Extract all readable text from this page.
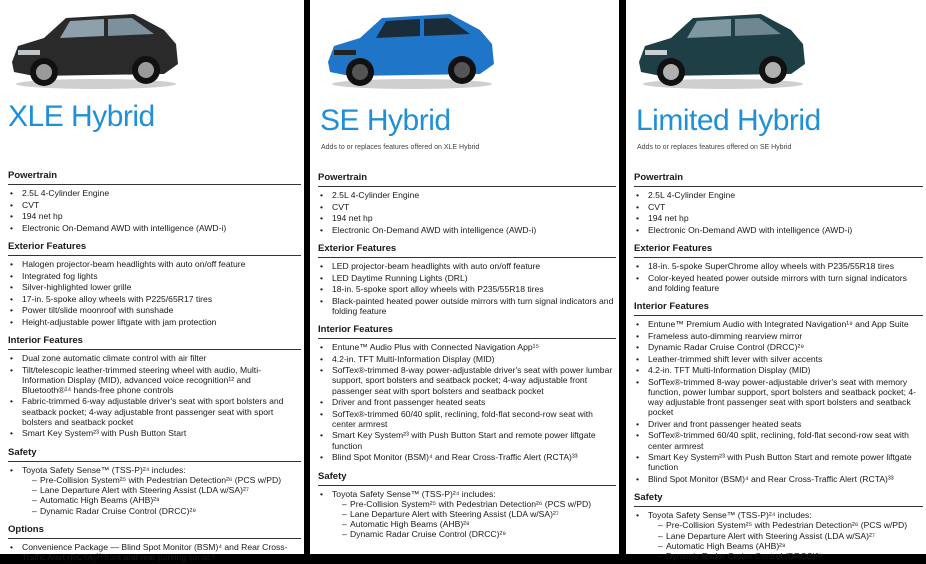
XLE Hybrid
Powertrain
• 2.5L 4-Cylinder Engine
• CVT
• 194 net hp
• Electronic On-Demand AWD with intelligence (AWD-i)
Exterior Features
• Halogen projector-beam headlights with auto on/off feature
• Integrated fog lights
• Silver-highlighted lower grille
• 17-in. 5-spoke alloy wheels with P225/65R17 tires
• Power tilt/slide moonroof with sunshade
• Height-adjustable power liftgate with jam protection
Interior Features
• Dual zone automatic climate control with air filter
• Tilt/telescopic leather-trimmed steering wheel with audio, Multi-Information Display (MID), advanced voice recognition¹² and Bluetooth®¹⁴ hands-free phone controls
• Fabric-trimmed 6-way adjustable driver's seat with sport bolsters and seatback pocket; 4-way adjustable front passenger seat with sport bolsters and seatback pocket
• Smart Key System²³ with Push Button Start
Safety
• Toyota Safety Sense™ (TSS-P)²⁴ includes:
– Pre-Collision System²⁵ with Pedestrian Detection²⁶ (PCS w/PD)
– Lane Departure Alert with Steering Assist (LDA w/SA)²⁷
– Automatic High Beams (AHB)²⁸
– Dynamic Radar Cruise Control (DRCC)²⁹
Options
• Convenience Package — Blind Spot Monitor (BSM)⁴ and Rear Cross-Traffic Alert (RCTA)³³ front and rear parking sonar,²
SE Hybrid
Adds to or replaces features offered on XLE Hybrid
Powertrain
• 2.5L 4-Cylinder Engine
• CVT
• 194 net hp
• Electronic On-Demand AWD with intelligence (AWD-i)
Exterior Features
• LED projector-beam headlights with auto on/off feature
• LED Daytime Running Lights (DRL)
• 18-in. 5-spoke sport alloy wheels with P235/55R18 tires
• Black-painted heated power outside mirrors with turn signal indicators and folding feature
Interior Features
• Entune™ Audio Plus with Connected Navigation App¹⁵
• 4.2-in. TFT Multi-Information Display (MID)
• SofTex®-trimmed 8-way power-adjustable driver's seat with power lumbar support, sport bolsters and seatback pocket; 4-way adjustable front passenger seat with sport bolsters and seatback pocket
• Driver and front passenger heated seats
• SofTex®-trimmed 60/40 split, reclining, fold-flat second-row seat with center armrest
• Smart Key System²³ with Push Button Start and remote power liftgate function
• Blind Spot Monitor (BSM)⁴ and Rear Cross-Traffic Alert (RCTA)³³
Safety
• Toyota Safety Sense™ (TSS-P)²⁴ includes:
– Pre-Collision System²⁵ with Pedestrian Detection²⁶ (PCS w/PD)
– Lane Departure Alert with Steering Assist (LDA w/SA)²⁷
– Automatic High Beams (AHB)²⁸
– Dynamic Radar Cruise Control (DRCC)²⁹
Limited Hybrid
Adds to or replaces features offered on SE Hybrid
Powertrain
• 2.5L 4-Cylinder Engine
• CVT
• 194 net hp
• Electronic On-Demand AWD with intelligence (AWD-i)
Exterior Features
• 18-in. 5-spoke SuperChrome alloy wheels with P235/55R18 tires
• Color-keyed heated power outside mirrors with turn signal indicators and folding feature
Interior Features
• Entune™ Premium Audio with Integrated Navigation¹⁹ and App Suite
• Frameless auto-dimming rearview mirror
• Dynamic Radar Cruise Control (DRCC)²⁹
• Leather-trimmed shift lever with silver accents
• 4.2-in. TFT Multi-Information Display (MID)
• SofTex®-trimmed 8-way power-adjustable driver's seat with memory function, power lumbar support, sport bolsters and seatback pocket; 4-way adjustable front passenger seat with sport bolsters and seatback pocket
• Driver and front passenger heated seats
• SofTex®-trimmed 60/40 split, reclining, fold-flat second-row seat with center armrest
• Smart Key System²³ with Push Button Start and remote power liftgate function
• Blind Spot Monitor (BSM)⁴ and Rear Cross-Traffic Alert (RCTA)³³
Safety
• Toyota Safety Sense™ (TSS-P)²⁴ includes:
– Pre-Collision System²⁵ with Pedestrian Detection²⁶ (PCS w/PD)
– Lane Departure Alert with Steering Assist (LDA w/SA)²⁷
– Automatic High Beams (AHB)²⁸
– Dynamic Radar Cruise Control (DRCC)²⁹
